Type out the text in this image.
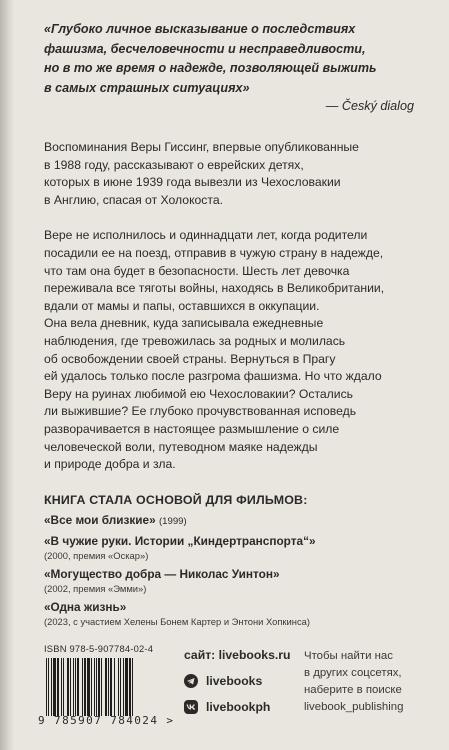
«Глубоко личное высказывание о последствиях
фашизма, бесчеловечности и несправедливости,
но в то же время о надежде, позволяющей выжить
в самых страшных ситуациях»
— Český dialog
Воспоминания Веры Гиссинг, впервые опубликованные
в 1988 году, рассказывают о еврейских детях,
которых в июне 1939 года вывезли из Чехословакии
в Англию, спасая от Холокоста.
Вере не исполнилось и одиннадцати лет, когда родители
посадили ее на поезд, отправив в чужую страну в надежде,
что там она будет в безопасности. Шесть лет девочка
переживала все тяготы войны, находясь в Великобритании,
вдали от мамы и папы, оставшихся в оккупации.
Она вела дневник, куда записывала ежедневные
наблюдения, где тревожилась за родных и молилась
об освобождении своей страны. Вернуться в Прагу
ей удалось только после разгрома фашизма. Но что ждало
Веру на руинах любимой ею Чехословакии? Остались
ли выжившие? Ее глубоко прочувствованная исповедь
разворачивается в настоящее размышление о силе
человеческой воли, путеводном маяке надежды
и природе добра и зла.
КНИГА СТАЛА ОСНОВОЙ ДЛЯ ФИЛЬМОВ:
«Все мои близкие» (1999)
«В чужие руки. Истории „Киндертранспорта“»
(2000, премия «Оскар»)
«Могущество добра — Николас Уинтон»
(2002, премия «Эмми»)
«Одна жизнь»
(2023, с участием Хелены Бонем Картер и Энтони Хопкинса)
ISBN 978-5-907784-02-4
9 785907 784024 >
сайт:
livebooks.ru
livebooks
livebookph
Чтобы найти нас
в других соцсетях,
наберите в поиске
livebook_publishing
